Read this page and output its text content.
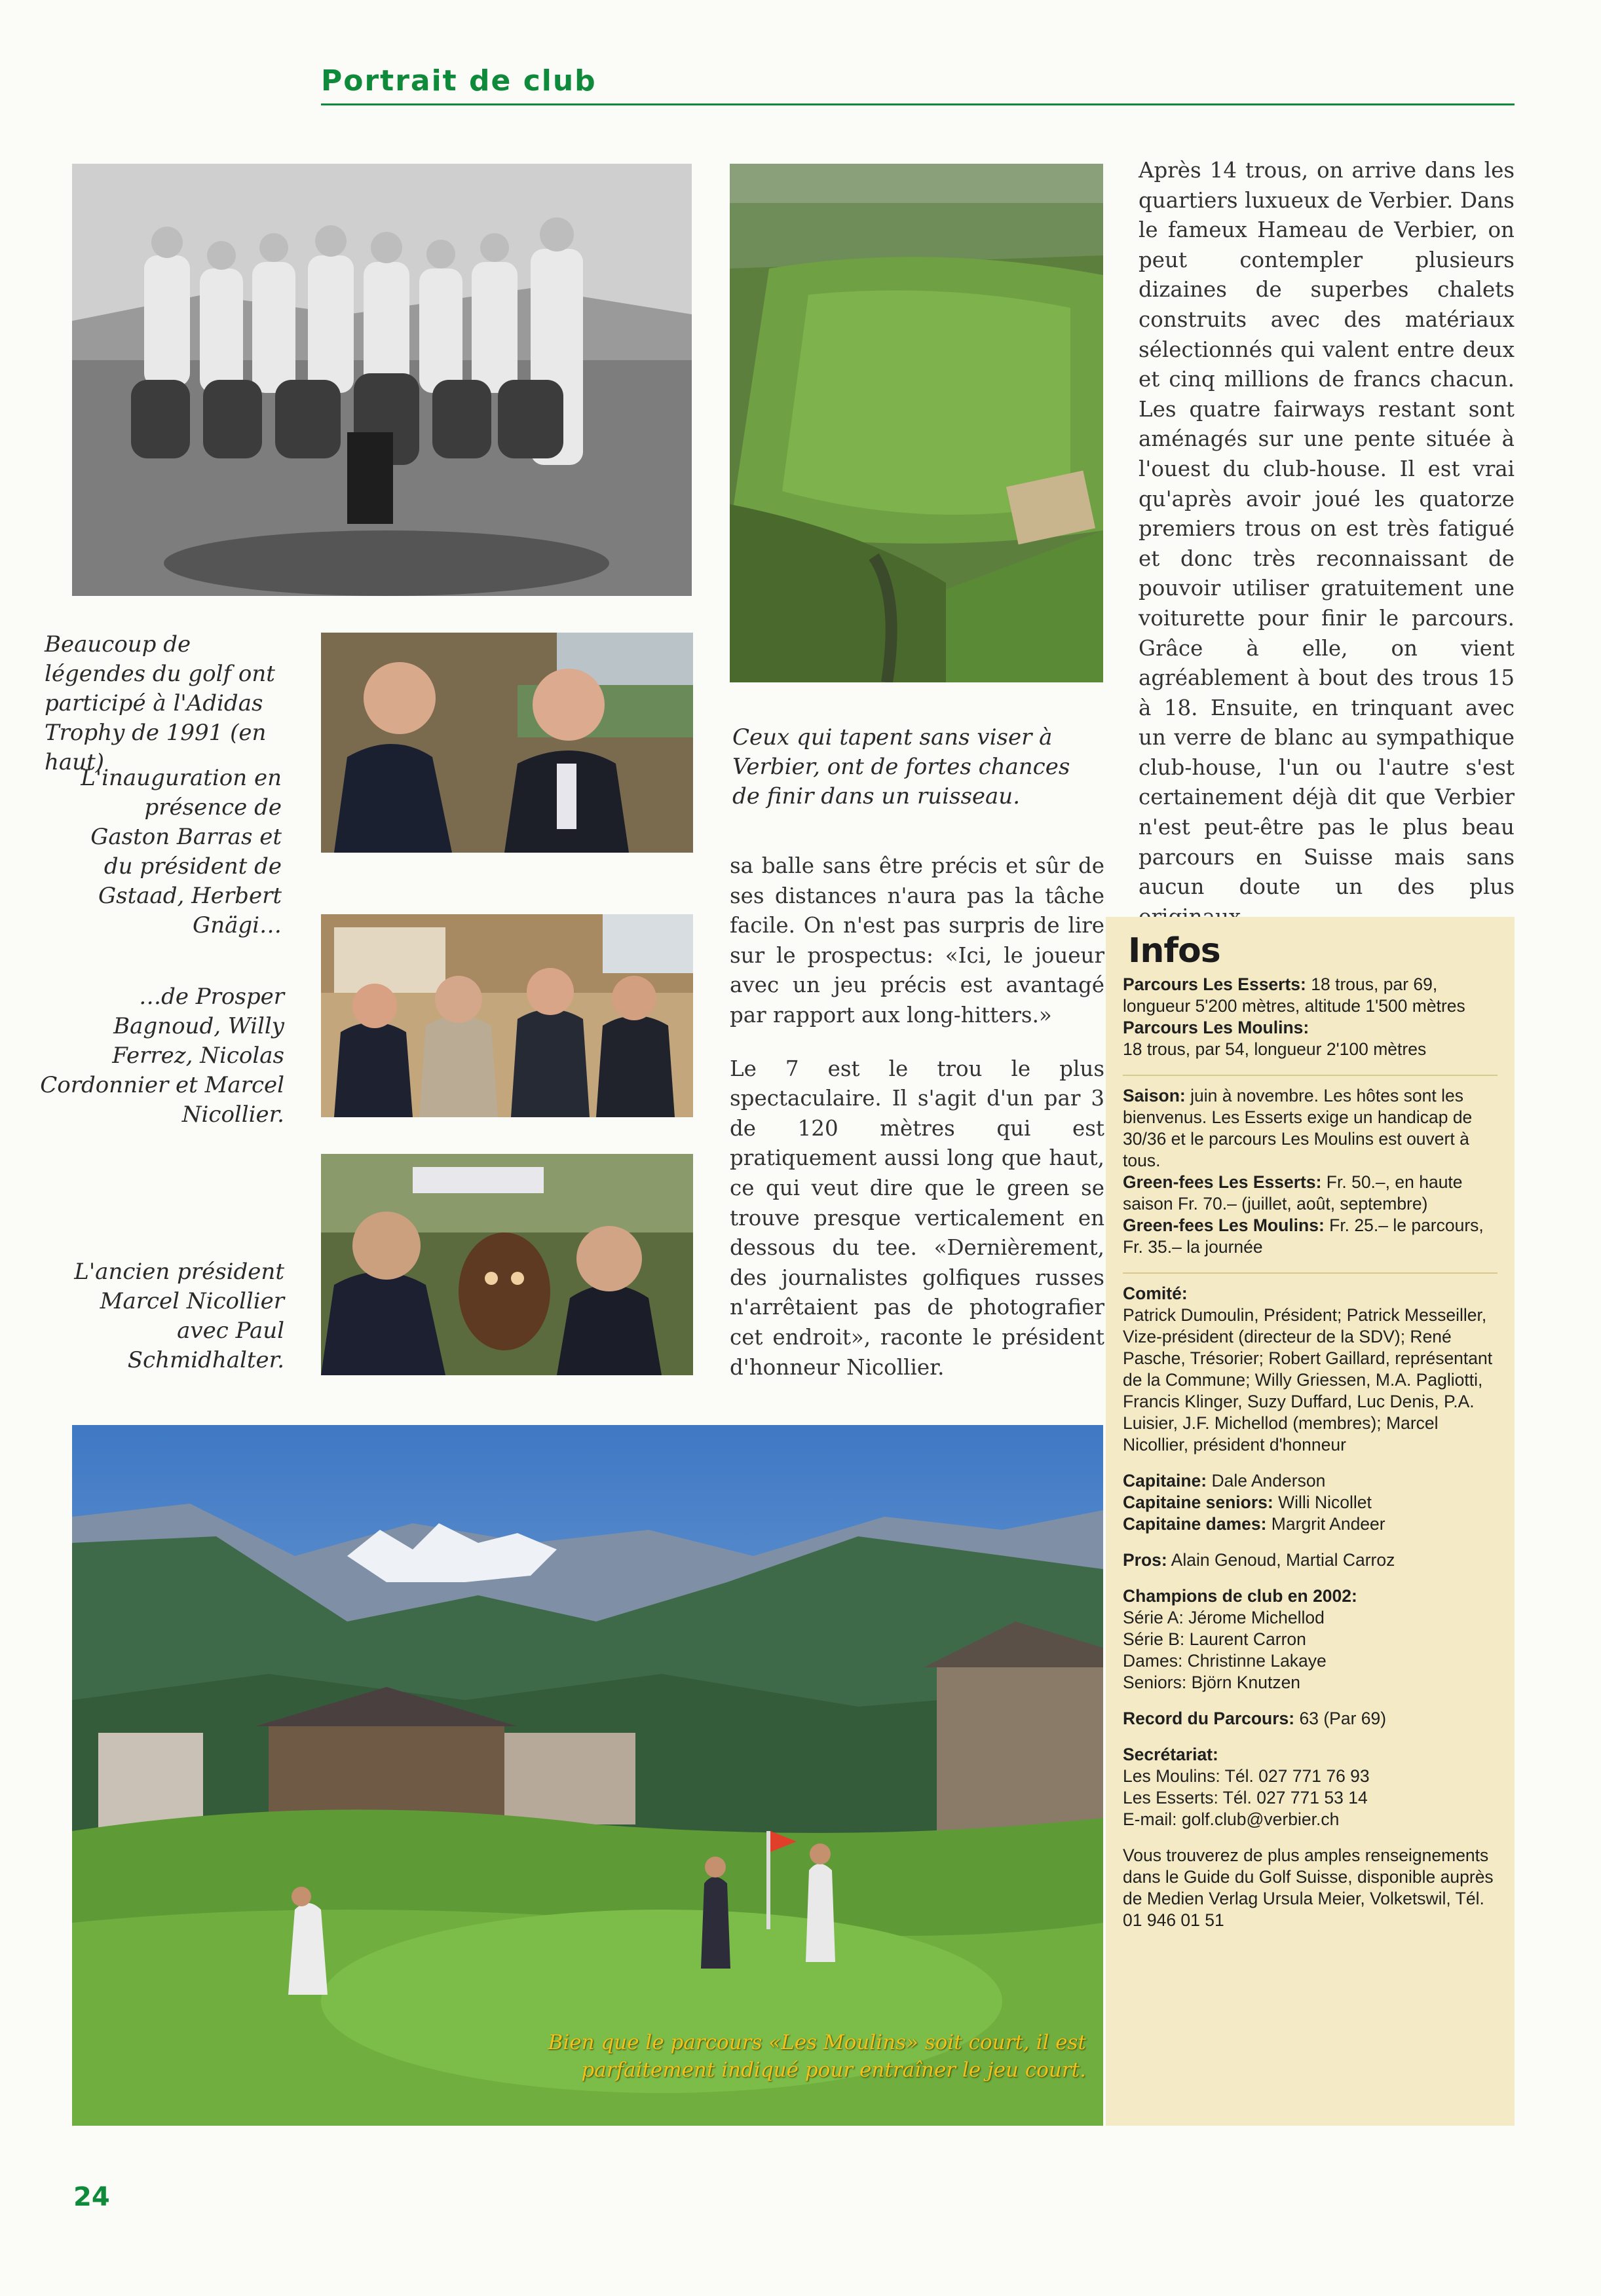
Portrait de club
Bien que le parcours «Les Moulins» soit court, il est parfaitement indiqué pour entraîner le jeu court.

Beaucoup de légendes du golf ont participé à l'Adidas Trophy de 1991 (en haut)

L'inauguration en présence de Gaston Barras et du président de Gstaad, Herbert Gnägi…

…de Prosper Bagnoud, Willy Ferrez, Nicolas Cordonnier et Marcel Nicollier.

L'ancien président Marcel Nicollier avec Paul Schmidhalter.

Ceux qui tapent sans viser à Verbier, ont de fortes chances de finir dans un ruisseau.

sa balle sans être précis et sûr de ses distances n'aura pas la tâche facile. On n'est pas surpris de lire sur le prospectus: «Ici, le joueur avec un jeu précis est avantagé par rapport aux long-hitters.»

Le 7 est le trou le plus spectaculaire. Il s'agit d'un par 3 de 120 mètres qui est pratiquement aussi long que haut, ce qui veut dire que le green se trouve presque verticalement en dessous du tee. «Dernièrement, des journalistes golfiques russes n'arrêtaient pas de photografier cet endroit», raconte le président d'honneur Nicollier.

Après 14 trous, on arrive dans les quartiers luxueux de Verbier. Dans le fameux Hameau de Verbier, on peut contempler plusieurs dizaines de superbes chalets construits avec des matériaux sélectionnés qui valent entre deux et cinq millions de francs chacun. Les quatre fairways restant sont aménagés sur une pente située à l'ouest du club-house. Il est vrai qu'après avoir joué les quatorze premiers trous on est très fatigué et donc très reconnaissant de pouvoir utiliser gratuitement une voiturette pour finir le parcours. Grâce à elle, on vient agréablement à bout des trous 15 à 18. Ensuite, en trinquant avec un verre de blanc au sympathique club-house, l'un ou l'autre s'est certainement déjà dit que Verbier n'est peut-être pas le plus beau parcours en Suisse mais sans aucun doute un des plus

Infos
Parcours Les Esserts: 18 trous, par 69, longueur 5'200 mètres, altitude 1'500 mètres
Parcours Les Moulins:
18 trous, par 54, longueur 2'100 mètres
Saison: juin à novembre. Les hôtes sont les bienvenus. Les Esserts exige un handicap de 30/36 et le parcours Les Moulins est ouvert à tous.
Green-fees Les Esserts: Fr. 50.–, en haute saison Fr. 70.– (juillet, août, septembre)
Green-fees Les Moulins: Fr. 25.– le parcours, Fr. 35.– la journée
Comité:
Patrick Dumoulin, Président; Patrick Messeiller, Vize-président (directeur de la SDV); René Pasche, Trésorier; Robert Gaillard, représentant de la Commune; Willy Griessen, M.A. Pagliotti, Francis Klinger, Suzy Duffard, Luc Denis, P.A. Luisier, J.F. Michellod (membres); Marcel Nicollier, président d'honneur
Capitaine: Dale Anderson
Capitaine seniors: Willi Nicollet
Capitaine dames: Margrit Andeer
Pros: Alain Genoud, Martial Carroz
Champions de club en 2002:

Série A: Jérome Michellod
Série B: Laurent Carron
Dames: Christinne Lakaye
Seniors: Björn Knutzen
Record du Parcours: 63 (Par 69)
Secrétariat:

Les Moulins: Tél. 027 771 76 93
Les Esserts: Tél. 027 771 53 14
E-mail: golf.club@verbier.ch
Vous trouverez de plus amples renseignements dans le Guide du Golf Suisse, disponible auprès de Medien Verlag Ursula Meier, Volketswil, Tél. 01 946 01 51
24
